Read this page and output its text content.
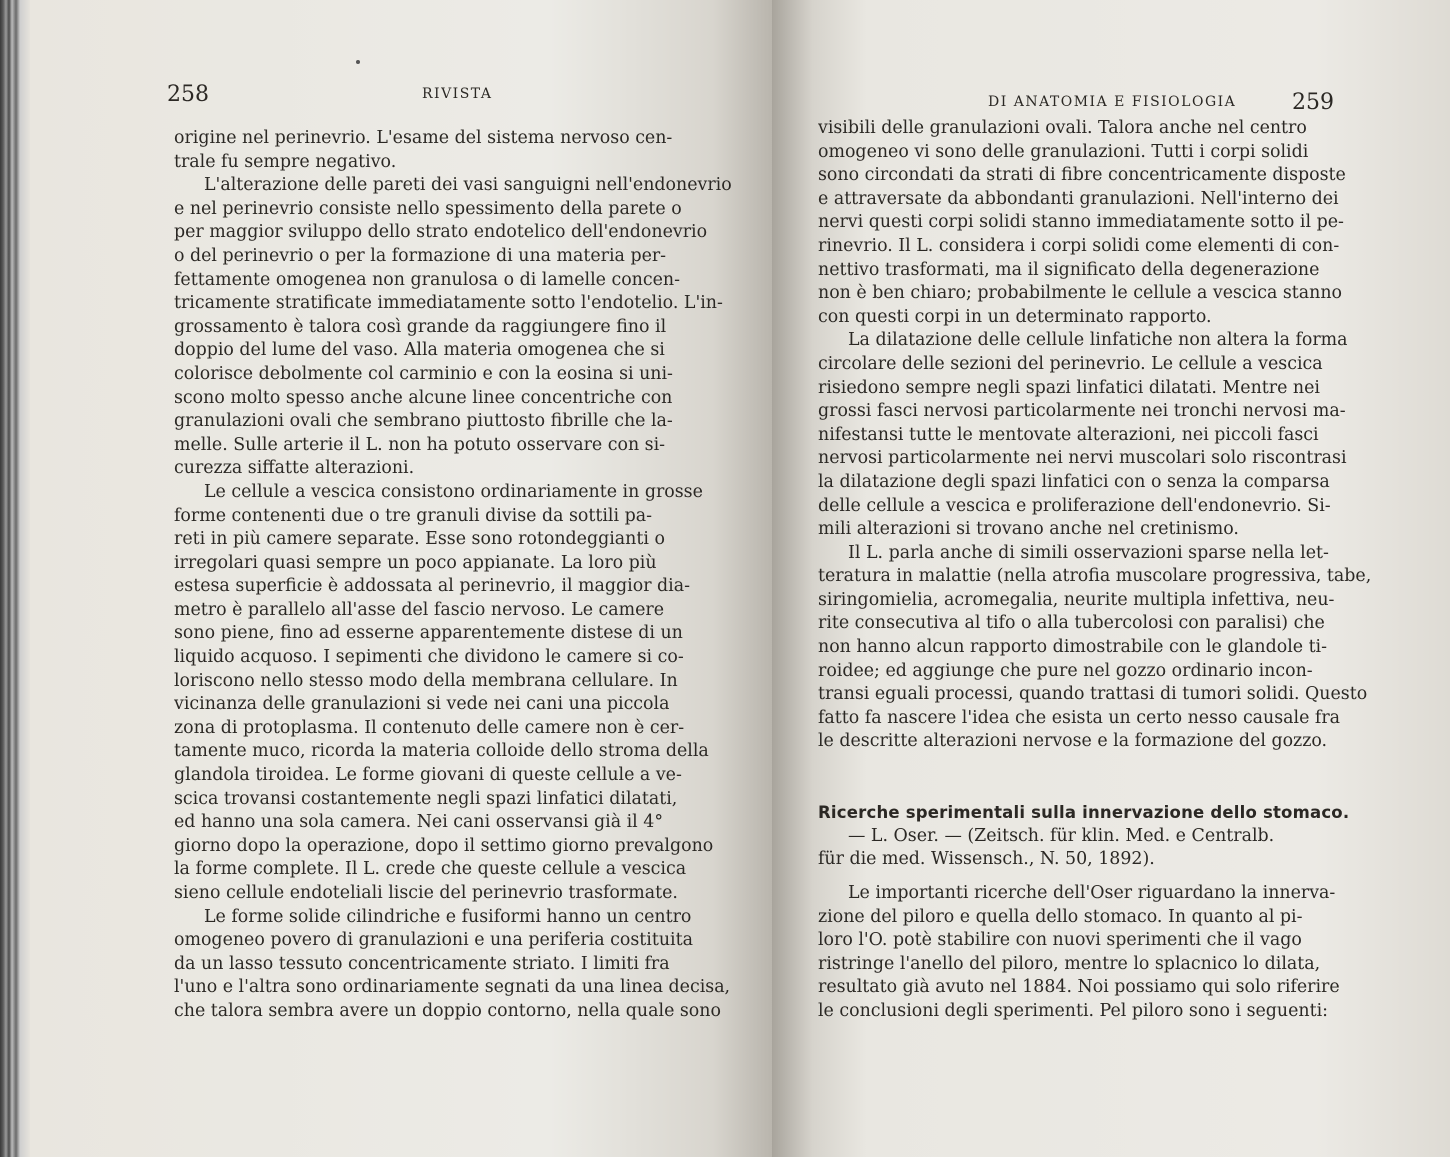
258	RIVISTA
origine nel perinevrio. L'esame del sistema nervoso cen-
trale fu sempre negativo.
L'alterazione delle pareti dei vasi sanguigni nell'endonevrio
e nel perinevrio consiste nello spessimento della parete o
per maggior sviluppo dello strato endotelico dell'endonevrio
o del perinevrio o per la formazione di una materia per-
fettamente omogenea non granulosa o di lamelle concen-
tricamente stratificate immediatamente sotto l'endotelio. L'in-
grossamento è talora così grande da raggiungere fino il
doppio del lume del vaso. Alla materia omogenea che si
colorisce debolmente col carminio e con la eosina si uni-
scono molto spesso anche alcune linee concentriche con
granulazioni ovali che sembrano piuttosto fibrille che la-
melle. Sulle arterie il L. non ha potuto osservare con si-
curezza siffatte alterazioni.
Le cellule a vescica consistono ordinariamente in grosse
forme contenenti due o tre granuli divise da sottili pa-
reti in più camere separate. Esse sono rotondeggianti o
irregolari quasi sempre un poco appianate. La loro più
estesa superficie è addossata al perinevrio, il maggior dia-
metro è parallelo all'asse del fascio nervoso. Le camere
sono piene, fino ad esserne apparentemente distese di un
liquido acquoso. I sepimenti che dividono le camere si co-
loriscono nello stesso modo della membrana cellulare. In
vicinanza delle granulazioni si vede nei cani una piccola
zona di protoplasma. Il contenuto delle camere non è cer-
tamente muco, ricorda la materia colloide dello stroma della
glandola tiroidea. Le forme giovani di queste cellule a ve-
scica trovansi costantemente negli spazi linfatici dilatati,
ed hanno una sola camera. Nei cani osservansi già il 4°
giorno dopo la operazione, dopo il settimo giorno prevalgono
la forme complete. Il L. crede che queste cellule a vescica
sieno cellule endoteliali liscie del perinevrio trasformate.
Le forme solide cilindriche e fusiformi hanno un centro
omogeneo povero di granulazioni e una periferia costituita
da un lasso tessuto concentricamente striato. I limiti fra
l'uno e l'altra sono ordinariamente segnati da una linea decisa,
che talora sembra avere un doppio contorno, nella quale sono
DI ANATOMIA E FISIOLOGIA	259
visibili delle granulazioni ovali. Talora anche nel centro
omogeneo vi sono delle granulazioni. Tutti i corpi solidi
sono circondati da strati di fibre concentricamente disposte
e attraversate da abbondanti granulazioni. Nell'interno dei
nervi questi corpi solidi stanno immediatamente sotto il pe-
rinevrio. Il L. considera i corpi solidi come elementi di con-
nettivo trasformati, ma il significato della degenerazione
non è ben chiaro; probabilmente le cellule a vescica stanno
con questi corpi in un determinato rapporto.
La dilatazione delle cellule linfatiche non altera la forma
circolare delle sezioni del perinevrio. Le cellule a vescica
risiedono sempre negli spazi linfatici dilatati. Mentre nei
grossi fasci nervosi particolarmente nei tronchi nervosi ma-
nifestansi tutte le mentovate alterazioni, nei piccoli fasci
nervosi particolarmente nei nervi muscolari solo riscontrasi
la dilatazione degli spazi linfatici con o senza la comparsa
delle cellule a vescica e proliferazione dell'endonevrio. Si-
mili alterazioni si trovano anche nel cretinismo.
Il L. parla anche di simili osservazioni sparse nella let-
teratura in malattie (nella atrofia muscolare progressiva, tabe,
siringomielia, acromegalia, neurite multipla infettiva, neu-
rite consecutiva al tifo o alla tubercolosi con paralisi) che
non hanno alcun rapporto dimostrabile con le glandole ti-
roidee; ed aggiunge che pure nel gozzo ordinario incon-
transi eguali processi, quando trattasi di tumori solidi. Questo
fatto fa nascere l'idea che esista un certo nesso causale fra
le descritte alterazioni nervose e la formazione del gozzo.
Ricerche sperimentali sulla innervazione dello stomaco.
— L. Oser. — (Zeitsch. für klin. Med. e Centralb.
für die med. Wissensch., N. 50, 1892).
Le importanti ricerche dell'Oser riguardano la innerva-
zione del piloro e quella dello stomaco. In quanto al pi-
loro l'O. potè stabilire con nuovi sperimenti che il vago
ristringe l'anello del piloro, mentre lo splacnico lo dilata,
resultato già avuto nel 1884. Noi possiamo qui solo riferire
le conclusioni degli sperimenti. Pel piloro sono i seguenti:
